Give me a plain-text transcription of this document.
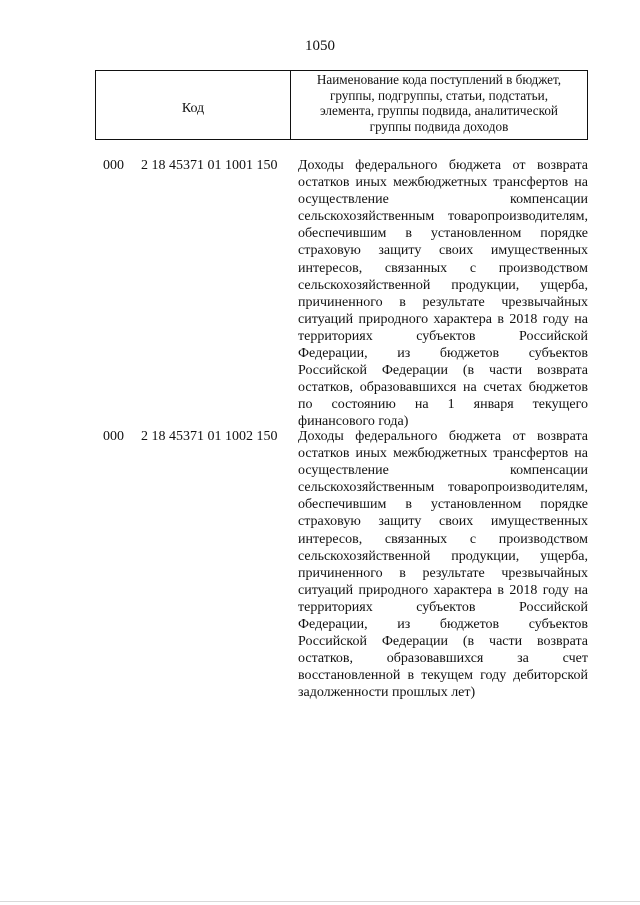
1050
Код
Наименование кода поступлений в бюджет,
группы, подгруппы, статьи, подстатьи,
элемента, группы подвида, аналитической
группы подвида доходов
000 2 18 45371 01 1001 150 Доходы федерального бюджета от возврата
остатков иных межбюджетных трансфертов на
осуществление компенсации
сельскохозяйственным товаропроизводителям,
обеспечившим в установленном порядке
страховую защиту своих имущественных
интересов, связанных с производством
сельскохозяйственной продукции, ущерба,
причиненного в результате чрезвычайных
ситуаций природного характера в 2018 году на
территориях субъектов Российской
Федерации, из бюджетов субъектов
Российской Федерации (в части возврата
остатков, образовавшихся на счетах бюджетов
по состоянию на 1 января текущего
финансового года)
000 2 18 45371 01 1002 150 Доходы федерального бюджета от возврата
остатков иных межбюджетных трансфертов на
осуществление компенсации
сельскохозяйственным товаропроизводителям,
обеспечившим в установленном порядке
страховую защиту своих имущественных
интересов, связанных с производством
сельскохозяйственной продукции, ущерба,
причиненного в результате чрезвычайных
ситуаций природного характера в 2018 году на
территориях субъектов Российской
Федерации, из бюджетов субъектов
Российской Федерации (в части возврата
остатков, образовавшихся за счет
восстановленной в текущем году дебиторской
задолженности прошлых лет)
